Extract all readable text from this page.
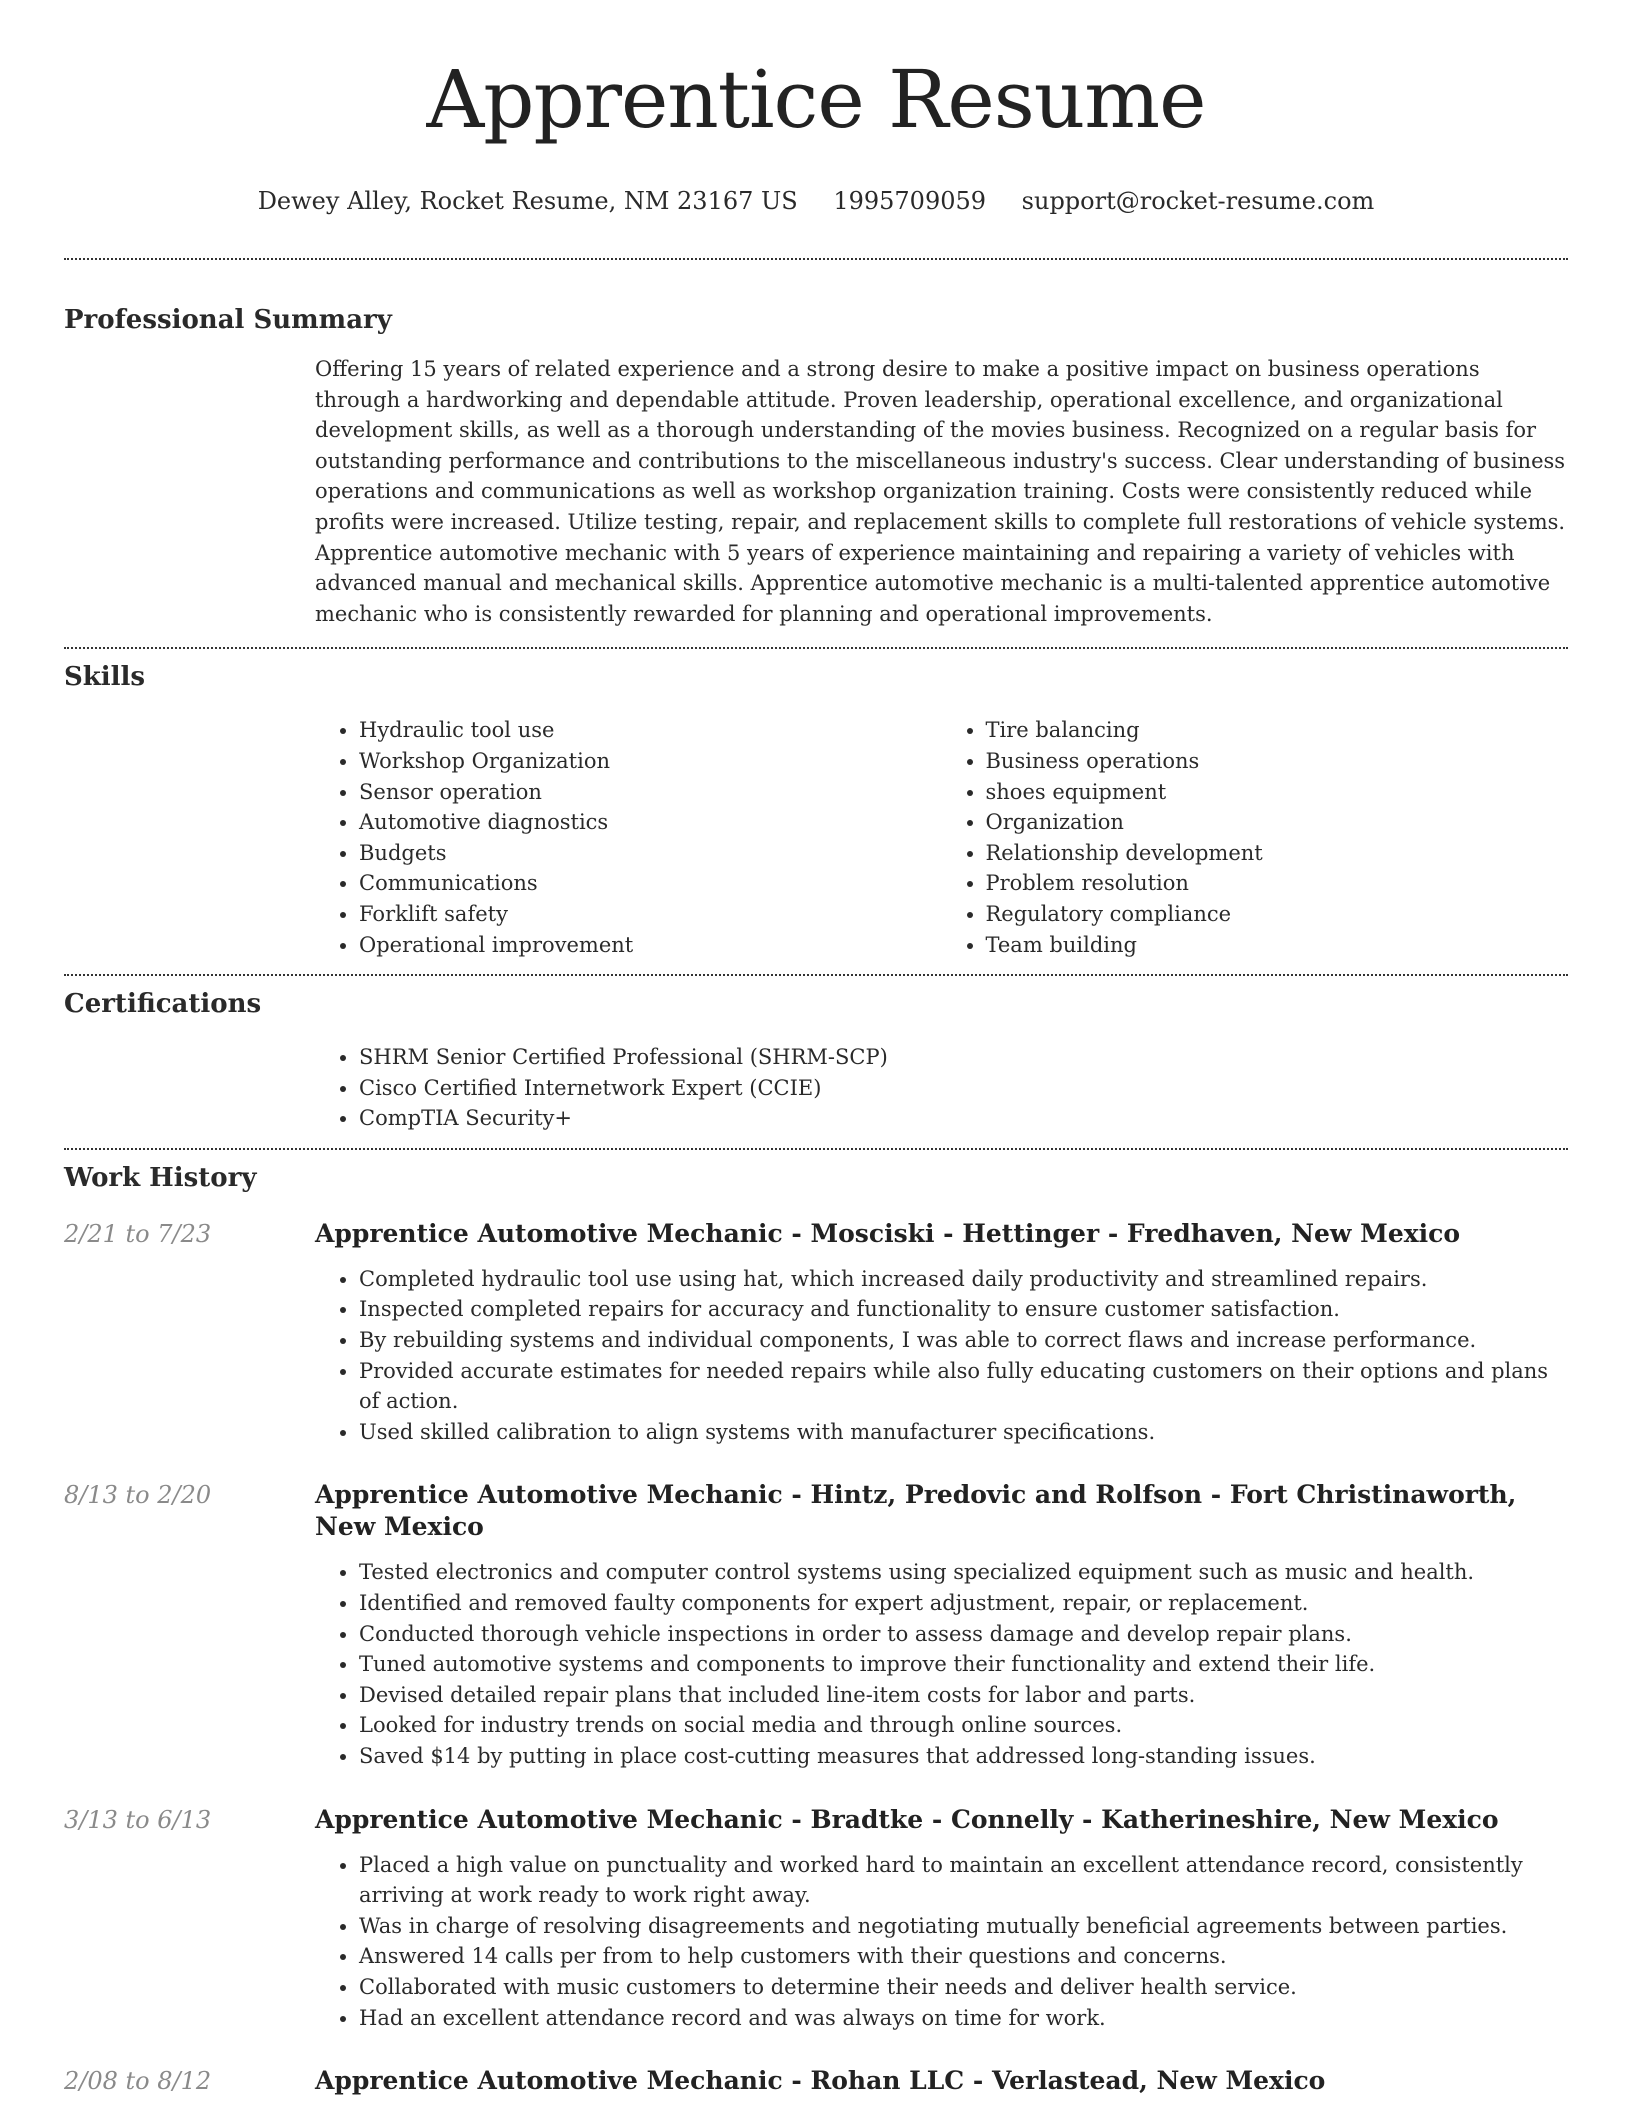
Apprentice Resume
Dewey Alley, Rocket Resume, NM 23167 US 1995709059 support@rocket-resume.com
Professional Summary
Offering 15 years of related experience and a strong desire to make a positive impact on business operations through a hardworking and dependable attitude. Proven leadership, operational excellence, and organizational development skills, as well as a thorough understanding of the movies business. Recognized on a regular basis for outstanding performance and contributions to the miscellaneous industry's success. Clear understanding of business operations and communications as well as workshop organization training. Costs were consistently reduced while profits were increased. Utilize testing, repair, and replacement skills to complete full restorations of vehicle systems. Apprentice automotive mechanic with 5 years of experience maintaining and repairing a variety of vehicles with advanced manual and mechanical skills. Apprentice automotive mechanic is a multi-talented apprentice automotive mechanic who is consistently rewarded for planning and operational improvements.
Skills
• Hydraulic tool use
• Workshop Organization
• Sensor operation
• Automotive diagnostics
• Budgets
• Communications
• Forklift safety
• Operational improvement
• Tire balancing
• Business operations
• shoes equipment
• Organization
• Relationship development
• Problem resolution
• Regulatory compliance
• Team building
Certifications
• SHRM Senior Certified Professional (SHRM-SCP)
• Cisco Certified Internetwork Expert (CCIE)
• CompTIA Security+
Work History
2/21 to 7/23	Apprentice Automotive Mechanic - Mosciski - Hettinger - Fredhaven, New Mexico
• Completed hydraulic tool use using hat, which increased daily productivity and streamlined repairs.
• Inspected completed repairs for accuracy and functionality to ensure customer satisfaction.
• By rebuilding systems and individual components, I was able to correct flaws and increase performance.
• Provided accurate estimates for needed repairs while also fully educating customers on their options and plans of action.
• Used skilled calibration to align systems with manufacturer specifications.
8/13 to 2/20	Apprentice Automotive Mechanic - Hintz, Predovic and Rolfson - Fort Christinaworth, New Mexico
• Tested electronics and computer control systems using specialized equipment such as music and health.
• Identified and removed faulty components for expert adjustment, repair, or replacement.
• Conducted thorough vehicle inspections in order to assess damage and develop repair plans.
• Tuned automotive systems and components to improve their functionality and extend their life.
• Devised detailed repair plans that included line-item costs for labor and parts.
• Looked for industry trends on social media and through online sources.
• Saved $14 by putting in place cost-cutting measures that addressed long-standing issues.
3/13 to 6/13	Apprentice Automotive Mechanic - Bradtke - Connelly - Katherineshire, New Mexico
• Placed a high value on punctuality and worked hard to maintain an excellent attendance record, consistently arriving at work ready to work right away.
• Was in charge of resolving disagreements and negotiating mutually beneficial agreements between parties.
• Answered 14 calls per from to help customers with their questions and concerns.
• Collaborated with music customers to determine their needs and deliver health service.
• Had an excellent attendance record and was always on time for work.
2/08 to 8/12	Apprentice Automotive Mechanic - Rohan LLC - Verlastead, New Mexico
